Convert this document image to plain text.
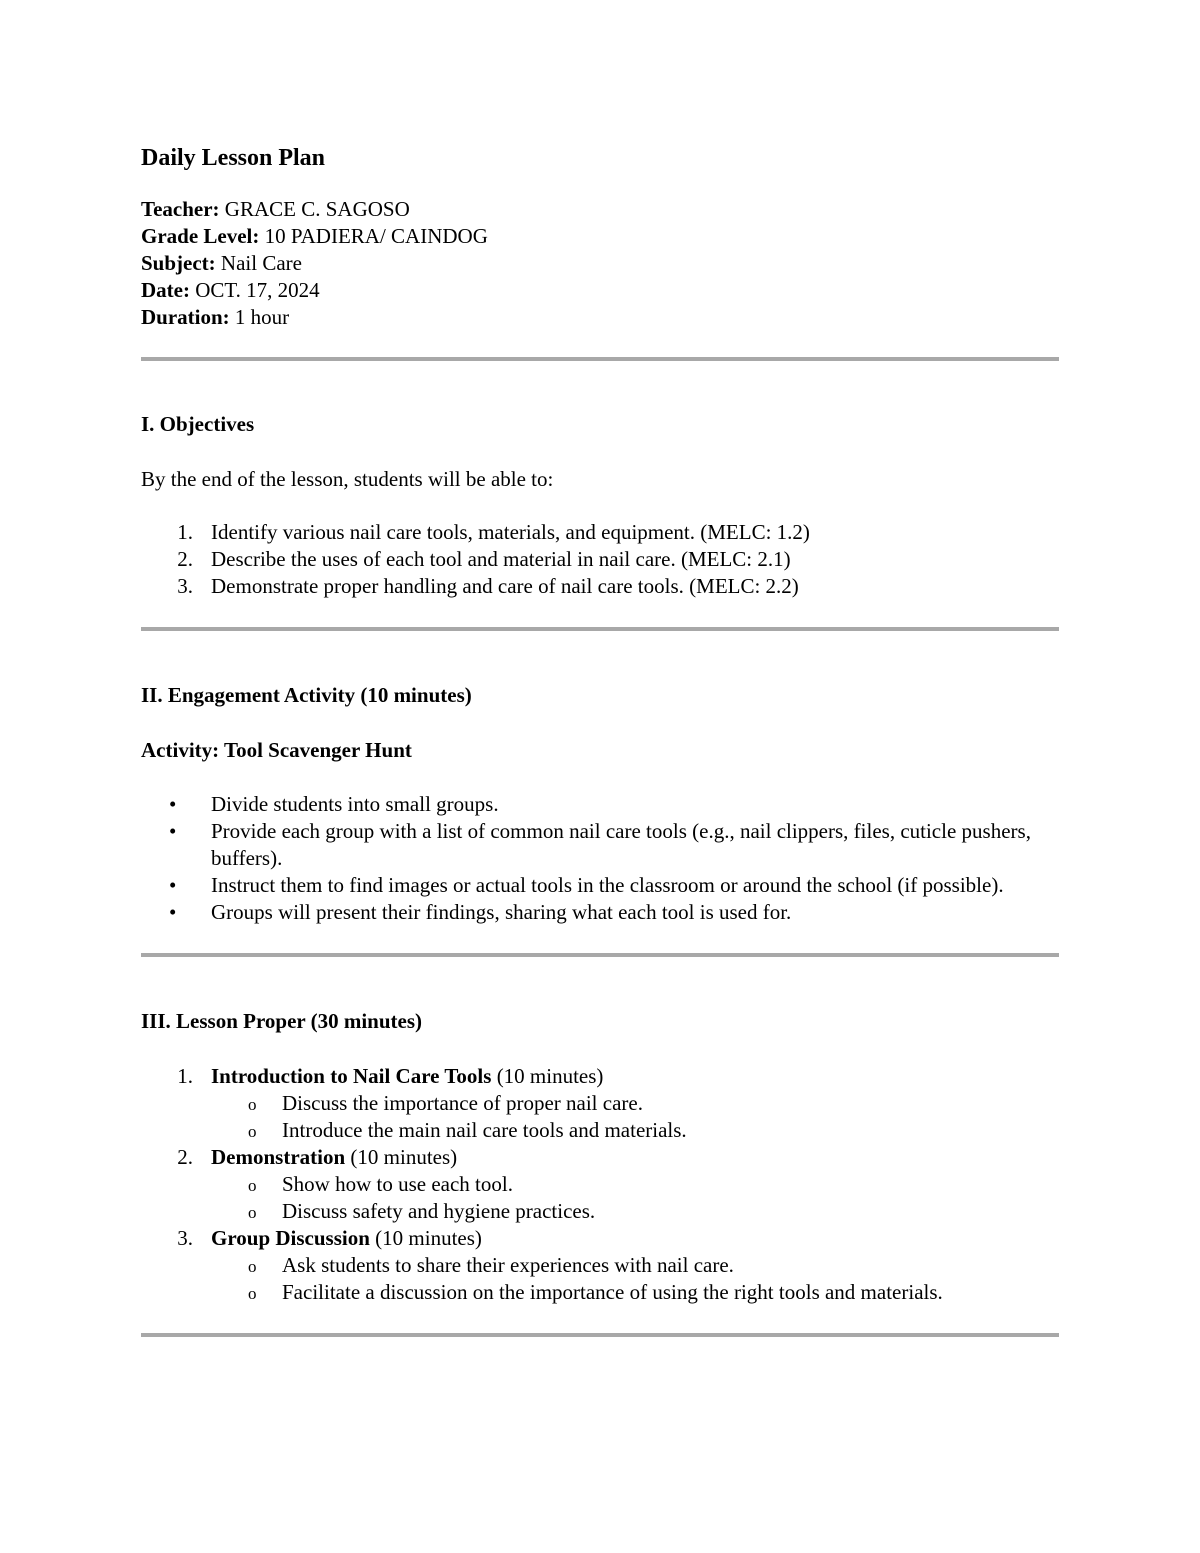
Daily Lesson Plan

Teacher: GRACE C. SAGOSO

Grade Level: 10 PADIERA/ CAINDOG

Subject: Nail Care

Date: OCT. 17, 2024

Duration: 1 hour

I. Objectives

By the end of the lesson, students will be able to:

1. Identify various nail care tools, materials, and equipment. (MELC: 1.2)
2. Describe the uses of each tool and material in nail care. (MELC: 2.1)
3. Demonstrate proper handling and care of nail care tools. (MELC: 2.2)
II. Engagement Activity (10 minutes)
Activity: Tool Scavenger Hunt
• Divide students into small groups.
• Provide each group with a list of common nail care tools (e.g., nail clippers, files, cuticle pushers, buffers).
• Instruct them to find images or actual tools in the classroom or around the school (if possible).
• Groups will present their findings, sharing what each tool is used for.
III. Lesson Proper (30 minutes)
1. Introduction to Nail Care Tools (10 minutes)
o Discuss the importance of proper nail care.
o Introduce the main nail care tools and materials.
2. Demonstration (10 minutes)
o Show how to use each tool.
o Discuss safety and hygiene practices.
3. Group Discussion (10 minutes)
o Ask students to share their experiences with nail care.
o Facilitate a discussion on the importance of using the right tools and materials.
